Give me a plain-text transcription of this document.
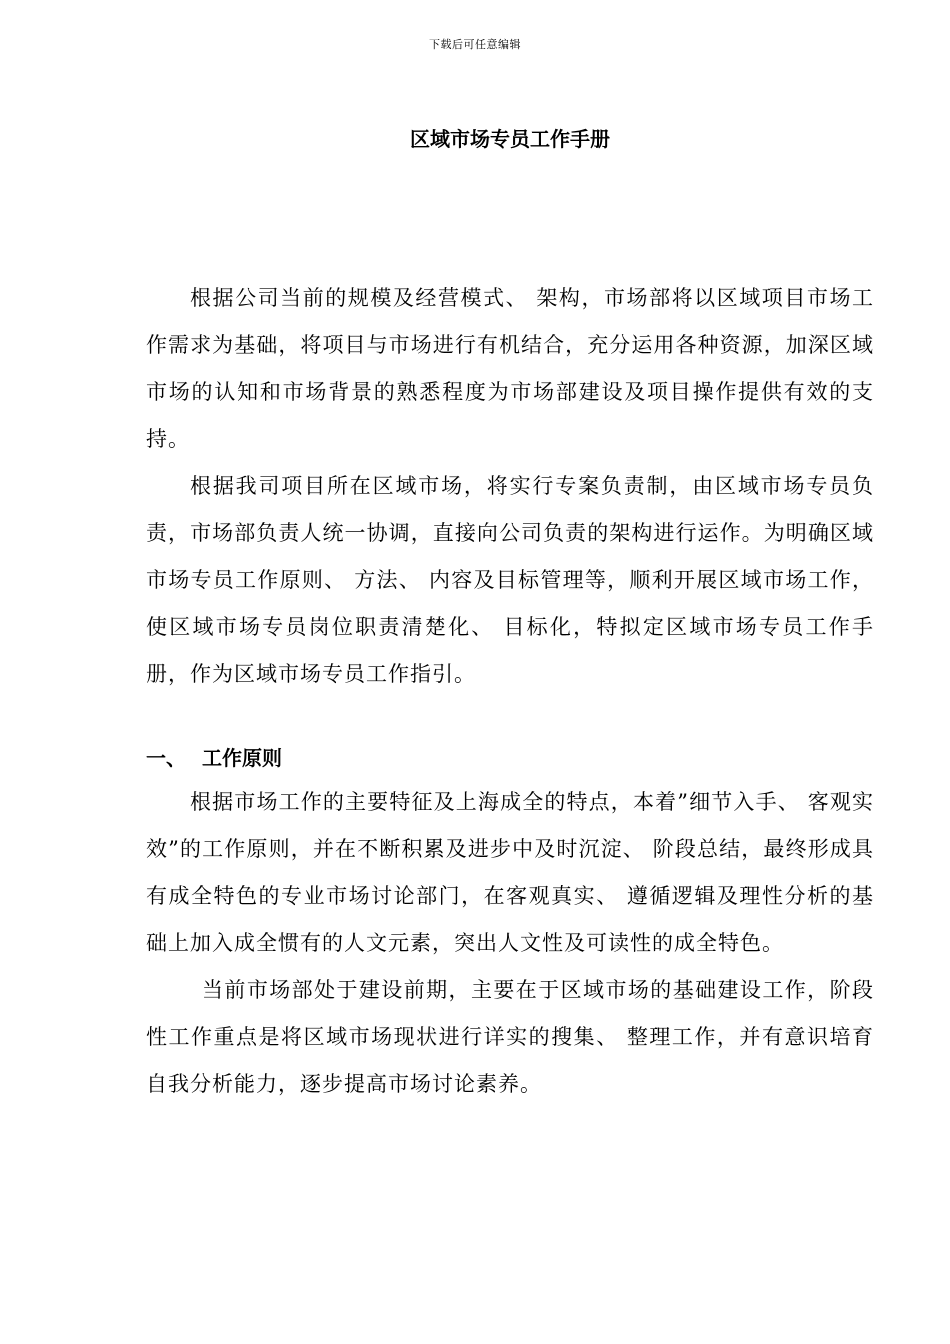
下载后可任意编辑
区域市场专员工作手册

根据公司当前的规模及经营模式、 架构，市场部将以区域项目市场工作需求为基础，将项目与市场进行有机结合，充分运用各种资源，加深区域市场的认知和市场背景的熟悉程度为市场部建设及项目操作提供有效的支持。

根据我司项目所在区域市场，将实行专案负责制，由区域市场专员负责，市场部负责人统一协调，直接向公司负责的架构进行运作。为明确区域市场专员工作原则、 方法、 内容及目标管理等，顺利开展区域市场工作，使区域市场专员岗位职责清楚化、 目标化，特拟定区域市场专员工作手册，作为区域市场专员工作指引。

一、 工作原则

根据市场工作的主要特征及上海成全的特点，本着”细节入手、 客观实效”的工作原则，并在不断积累及进步中及时沉淀、 阶段总结，最终形成具有成全特色的专业市场讨论部门，在客观真实、 遵循逻辑及理性分析的基础上加入成全惯有的人文元素，突出人文性及可读性的成全特色。

当前市场部处于建设前期，主要在于区域市场的基础建设工作，阶段性工作重点是将区域市场现状进行详实的搜集、 整理工作，并有意识培育自我分析能力，逐步提高市场讨论素养。
